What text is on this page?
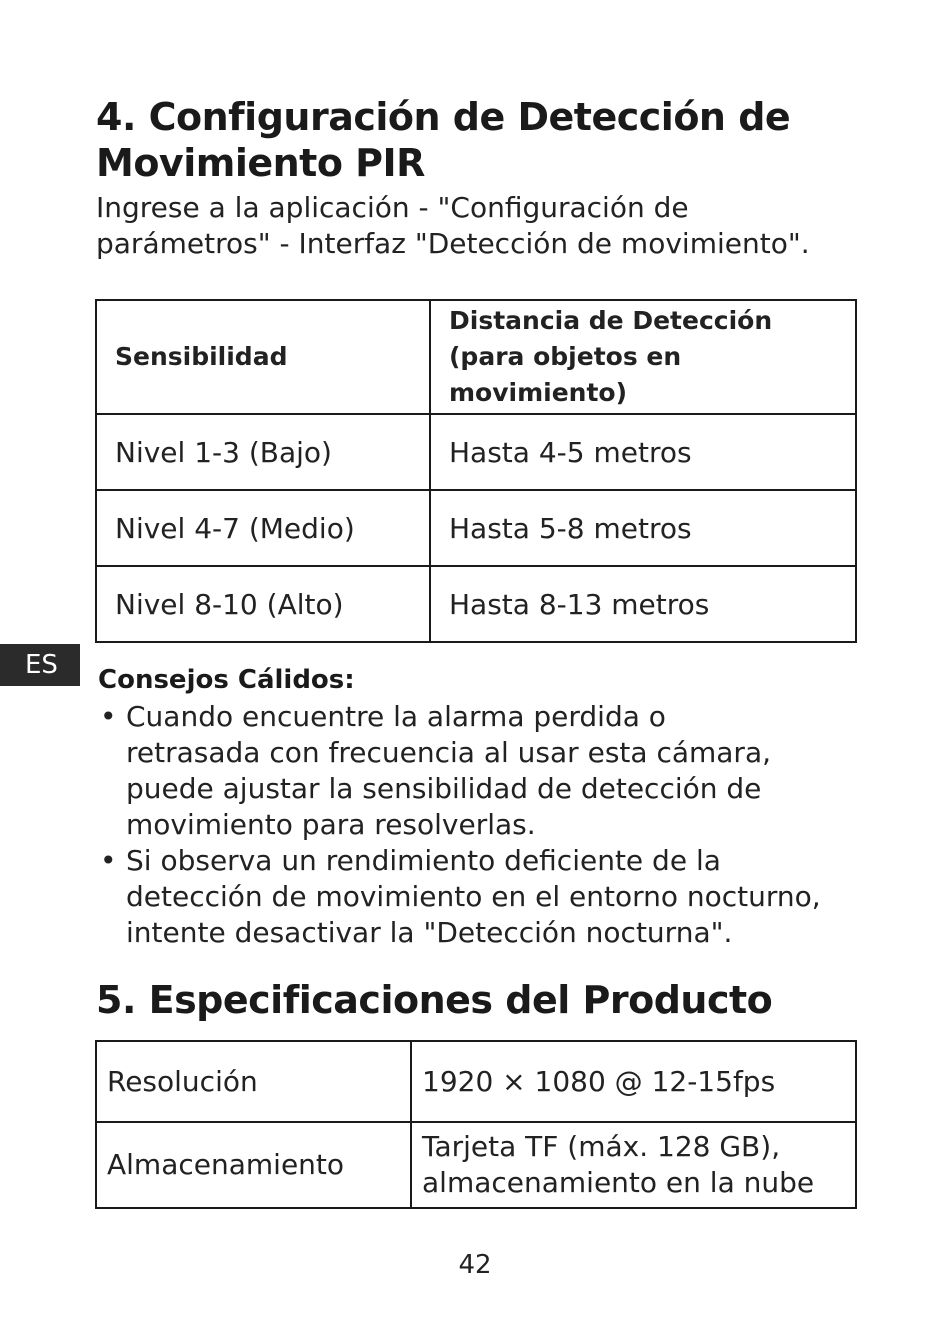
4. Configuración de Detección de Movimiento PIR

Ingrese a la aplicación - "Configuración de
parámetros" - Interfaz "Detección de movimiento".

Sensibilidad	Distancia de Detección (para objetos en movimiento)
Nivel 1-3 (Bajo)	Hasta 4-5 metros
Nivel 4-7 (Medio)	Hasta 5-8 metros
Nivel 8-10 (Alto)	Hasta 8-13 metros
ES	Consejos Cálidos:
• Cuando encuentre la alarma perdida o
retrasada con frecuencia al usar esta cámara,
puede ajustar la sensibilidad de detección de
movimiento para resolverlas.
• Si observa un rendimiento deficiente de la
detección de movimiento en el entorno nocturno,
intente desactivar la "Detección nocturna".
5. Especificaciones del Producto
Resolución	1920 × 1080 @ 12-15fps
Almacenamiento	Tarjeta TF (máx. 128 GB),
almacenamiento en la nube
42
